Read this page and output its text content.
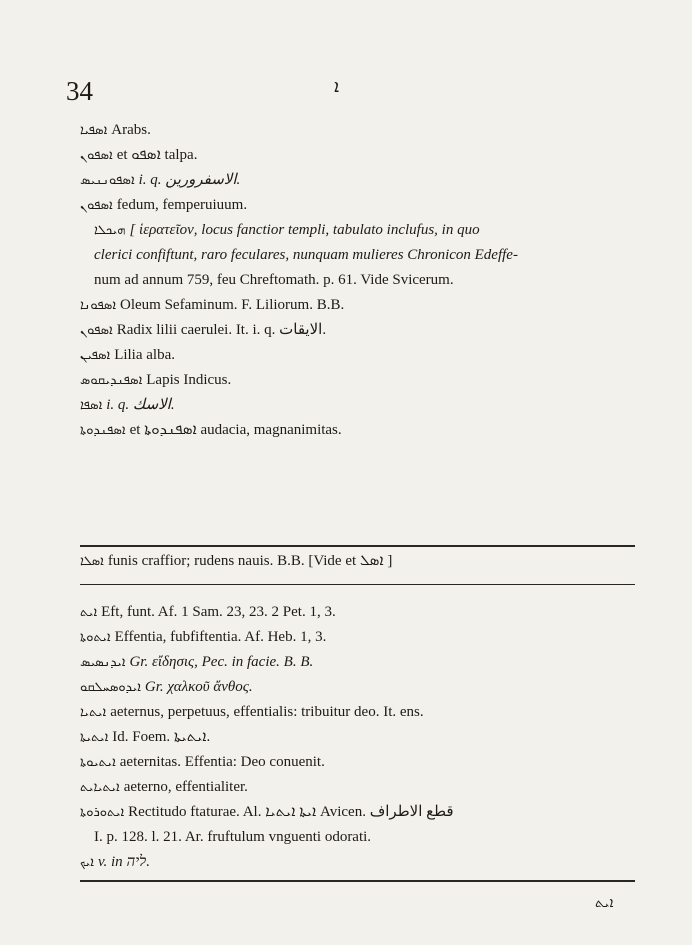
34	ܐ
ܐܣܦܝܐ Arabs.
ܐܣܦܘܢ et ܐܣܦܘ talpa.
ܐܣܦܘܢܢܝܣ i. q. الاسفرورين.
ܐܣܦܘܢ fedum, femperuiuum.
ܗܝܟܠܐ [ ἱερατεῖον, locus fanctior templi, tabulato inclufus, in quo
clerici confiftunt, raro feculares, nunquam mulieres Chronicon Edeffe-
num ad annum 759, feu Chreftomath. p. 61. Vide Svicerum.
ܐܣܦܘܢܐ Oleum Sefaminum. F. Liliorum. B.B.
ܐܣܦܘܢ Radix lilii caerulei. It. i. q. الايقات.
ܐܣܦܝܢ Lilia alba.
ܐܣܦܢܕܝܩܘܣ Lapis Indicus.
ܐܣܦܐ i. q. الاسك.
ܐܣܦܢܕܘܬܐ et ܐܣܦܢܕܘܬܐ audacia, magnanimitas.
ܐܣܠܐ funis craffior; rudens nauis. B.B. [Vide et ܐܣܠ ]
ܐܝܬ Eft, funt. Af. 1 Sam. 23, 23. 2 Pet. 1, 3.
ܐܝܬܘܬܐ Effentia, fubfiftentia. Af. Heb. 1, 3.
ܐܝܕܢܣܝܣ Gr. εἴδησις, Pec. in facie. B. B.
ܐܝܕܘܣܚܠܩܘ Gr. χαλκοῦ ἄνθος.
ܐܝܬܝܐ aeternus, perpetuus, effentialis: tribuitur deo. It. ens.
ܐܝܬܝܬܐ Id. Foem. ܐܝܬܝܬܐ.
ܐܝܬܝܘܬܐ aeternitas. Effentia: Deo conuenit.
ܐܝܬܝܐܝܬ aeterno, effentialiter.
ܐܝܬܘܪܘܬܐ Rectitudo ftaturae. Al. ܐܝܬܐ ܐܝܬܝܐ Avicen. قطع الاطراف
I. p. 128. l. 21. Ar. fruftulum vnguenti odorati.
ܐܝܟ v. in ליה.
ܐܝܬ
